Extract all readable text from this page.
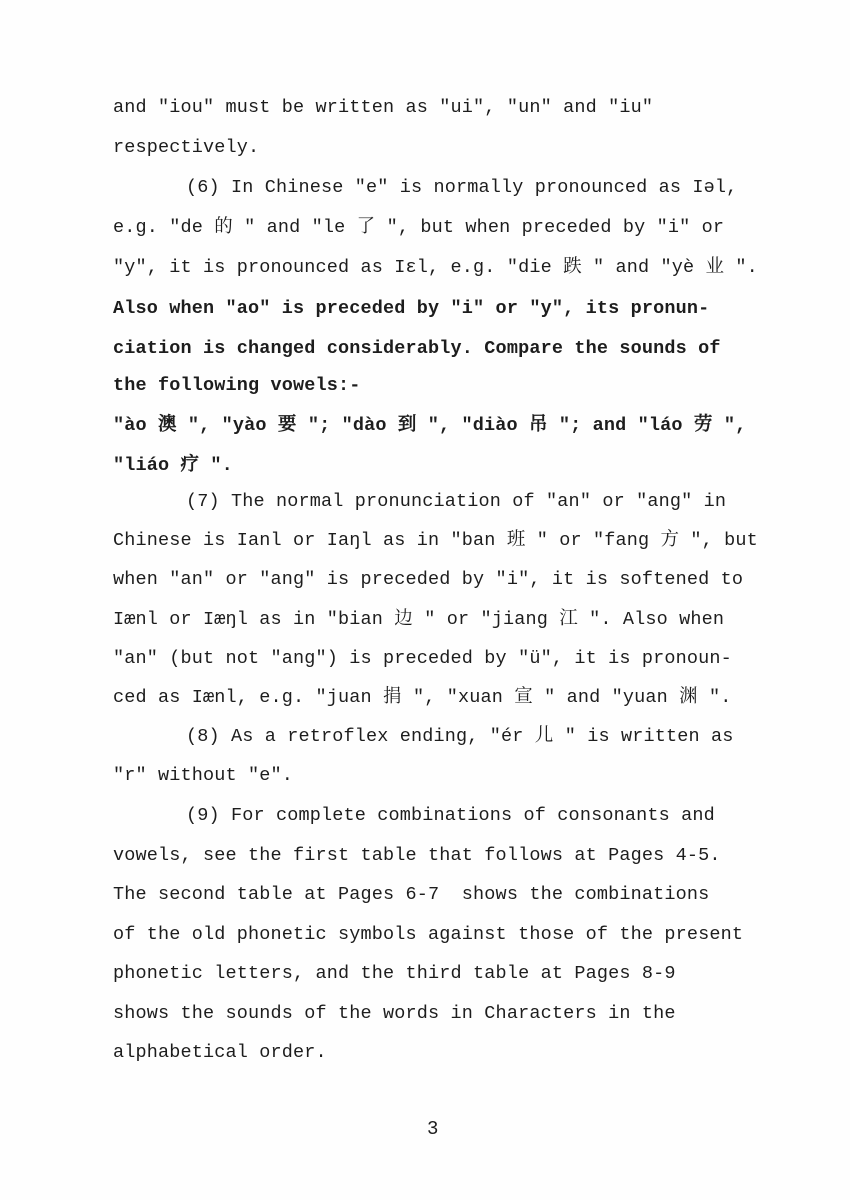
and "iou" must be written as "ui", "un" and "iu"
respectively.
(6) In Chinese "e" is normally pronounced as Iəl,
e.g. "de 的 " and "le 了 ", but when preceded by "i" or
"y", it is pronounced as Iɛl, e.g. "die 跌 " and "yè 业 ".
Also when "ao" is preceded by "i" or "y", its pronun-
ciation is changed considerably. Compare the sounds of
the following vowels:-
"ào 澳 ", "yào 要 "; "dào 到 ", "diào 吊 "; and "láo 劳 ",
"liáo 疗 ".
(7) The normal pronunciation of "an" or "ang" in
Chinese is Ianl or Iaŋl as in "ban 班 " or "fang 方 ", but
when "an" or "ang" is preceded by "i", it is softened to
Iænl or Iæŋl as in "bian 边 " or "jiang 江 ". Also when
"an" (but not "ang") is preceded by "ü", it is pronoun-
ced as Iænl, e.g. "juan 捐 ", "xuan 宣 " and "yuan 渊 ".
(8) As a retroflex ending, "ér 儿 " is written as
"r" without "e".
(9) For complete combinations of consonants and
vowels, see the first table that follows at Pages 4-5.
The second table at Pages 6-7  shows the combinations
of the old phonetic symbols against those of the present
phonetic letters, and the third table at Pages 8-9
shows the sounds of the words in Characters in the
alphabetical order.
3
